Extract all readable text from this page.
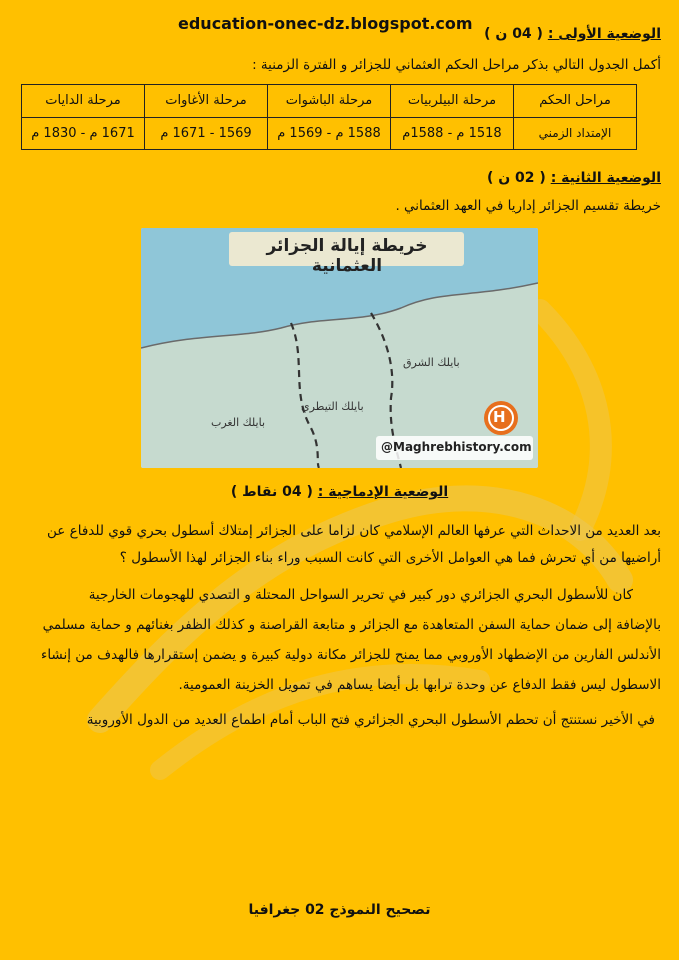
education-onec-dz.blogspot.com
الوضعية الأولى : ( 04 ن )
أكمل الجدول التالي بذكر مراحل الحكم العثماني للجزائر و الفترة الزمنية :
مراحل الحكم	مرحلة البيلربيات	مرحلة الباشوات	مرحلة الأغاوات	مرحلة الدايات
الإمتداد الزمني	1518 م - 1588م	1588 م - 1569 م	1569 - 1671 م	1671 م - 1830 م
الوضعية الثانية : ( 02 ن )
خريطة تقسيم الجزائر إداريا في العهد العثماني .
خريطة إيالة الجزائر العثمانية
بايلك الشرق
بايلك التيطري
بايلك الغرب	H
@Maghrebhistory.com
الوضعية الإدماجية : ( 04 نقاط )
بعد العديد من الاحداث التي عرفها العالم الإسلامي كان لزاما على الجزائر إمتلاك أسطول بحري قوي للدفاع عن
أراضيها من أي تحرش فما هي العوامل الأخرى التي كانت السبب وراء بناء الجزائر لهذا الأسطول ؟
كان للأسطول البحري الجزائري دور كبير في تحرير السواحل المحتلة و التصدي للهجومات الخارجية
بالإضافة إلى ضمان حماية السفن المتعاهدة مع الجزائر و متابعة القراصنة و كذلك الظفر بغنائهم و حماية مسلمي
الأندلس الفارين من الإضطهاد الأوروبي مما يمنح للجزائر مكانة دولية كبيرة و يضمن إستقرارها فالهدف من إنشاء
الاسطول ليس فقط الدفاع عن وحدة ترابها بل أيضا يساهم في تمويل الخزينة العمومية.
في الأخير نستنتج أن تحطم الأسطول البحري الجزائري فتح الباب أمام اطماع العديد من الدول الأوروبية
تصحيح النموذج 02 جغرافيا
